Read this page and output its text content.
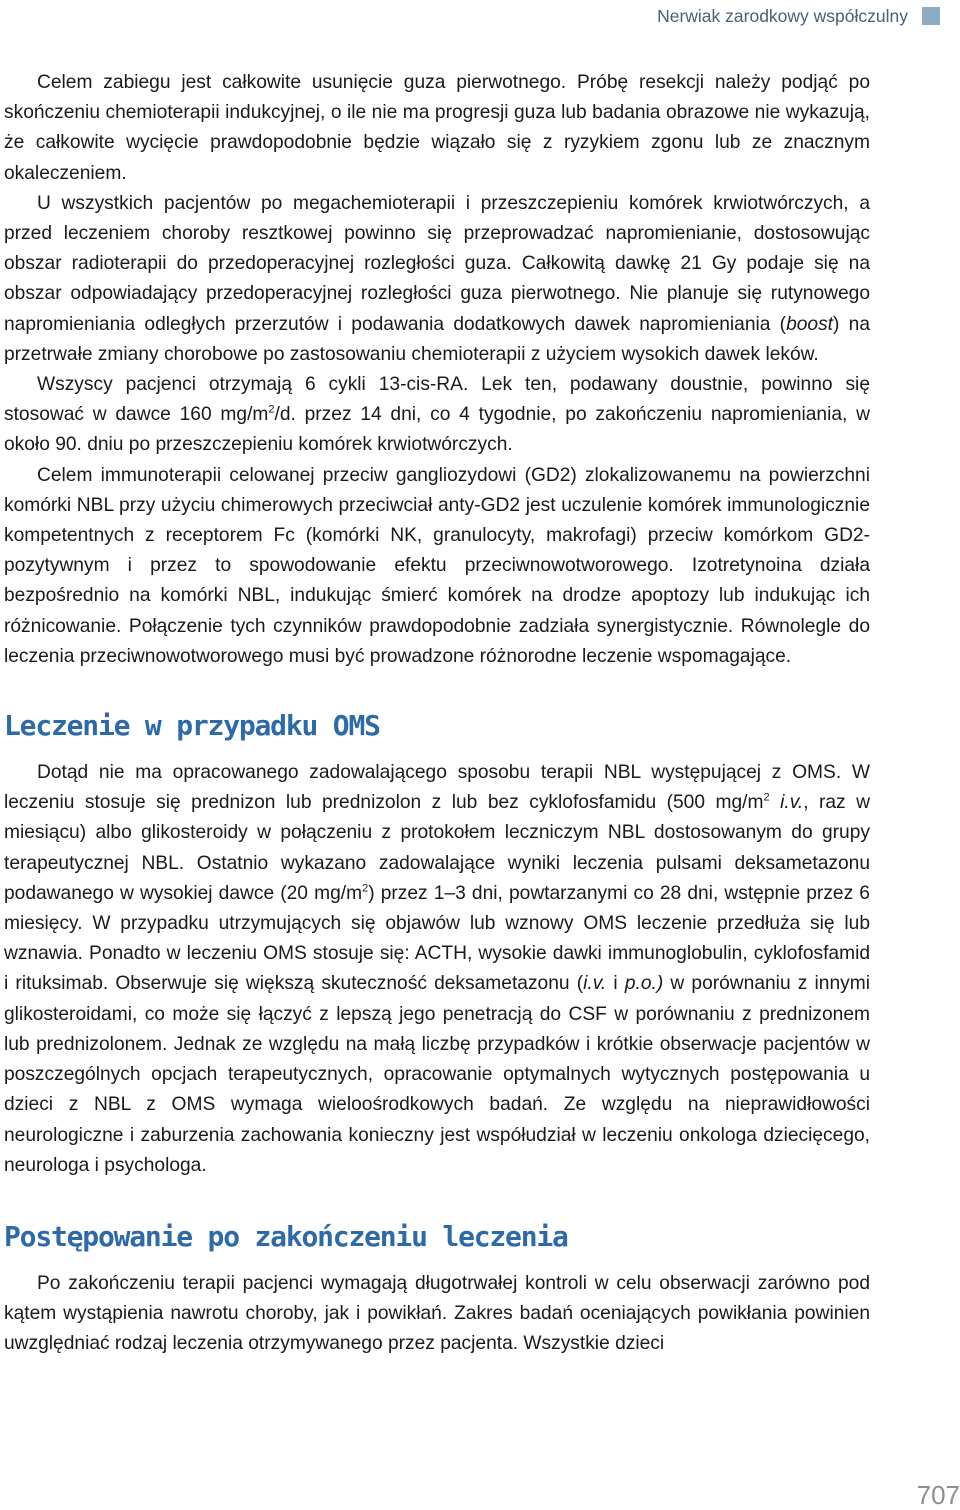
Nerwiak zarodkowy współczulny

Celem zabiegu jest całkowite usunięcie guza pierwotnego. Próbę resekcji należy podjąć po skończeniu chemioterapii indukcyjnej, o ile nie ma progresji guza lub badania obrazowe nie wykazują, że całkowite wycięcie prawdopodobnie będzie wiązało się z ryzykiem zgonu lub ze znacznym okaleczeniem.

U wszystkich pacjentów po megachemioterapii i przeszczepieniu komórek krwiotwórczych, a przed leczeniem choroby resztkowej powinno się przeprowadzać napromienianie, dostosowując obszar radioterapii do przedoperacyjnej rozległości guza. Całkowitą dawkę 21 Gy podaje się na obszar odpowiadający przedoperacyjnej rozległości guza pierwotnego. Nie planuje się rutynowego napromieniania odległych przerzutów i podawania dodatkowych dawek napromieniania (boost) na przetrwałe zmiany chorobowe po zastosowaniu chemioterapii z użyciem wysokich dawek leków.

Wszyscy pacjenci otrzymają 6 cykli 13-cis-RA. Lek ten, podawany doustnie, powinno się stosować w dawce 160 $mg/m^2/d$. przez 14 dni, co 4 tygodnie, po zakończeniu napromieniania, w około 90. dniu po przeszczepieniu komórek krwiotwórczych.

Celem immunoterapii celowanej przeciw gangliozydowi (GD2) zlokalizowanemu na powierzchni komórki NBL przy użyciu chimerowych przeciwciał anty-GD2 jest uczulenie komórek immunologicznie kompetentnych z receptorem Fc (komórki NK, granulocyty, makrofagi) przeciw komórkom GD2-pozytywnym i przez to spowodowanie efektu przeciwnowotworowego. Izotretynoina działa bezpośrednio na komórki NBL, indukując śmierć komórek na drodze apoptozy lub indukując ich różnicowanie. Połączenie tych czynników prawdopodobnie zadziała synergistycznie. Równolegle do leczenia przeciwnowotworowego musi być prowadzone różnorodne leczenie wspomagające.

Leczenie w przypadku OMS

Dotąd nie ma opracowanego zadowalającego sposobu terapii NBL występującej z OMS. W leczeniu stosuje się prednizon lub prednizolon z lub bez cyklofosfamidu (500 $mg/m^2$ i.v., raz w miesiącu) albo glikosteroidy w połączeniu z protokołem leczniczym NBL dostosowanym do grupy terapeutycznej NBL. Ostatnio wykazano zadowalające wyniki leczenia pulsami deksametazonu podawanego w wysokiej dawce (20 $mg/m^2$) przez 1–3 dni, powtarzanymi co 28 dni, wstępnie przez 6 miesięcy. W przypadku utrzymujących się objawów lub wznowy OMS leczenie przedłuża się lub wznawia. Ponadto w leczeniu OMS stosuje się: ACTH, wysokie dawki immunoglobulin, cyklofosfamid i rituksimab. Obserwuje się większą skuteczność deksametazonu (i.v. i p.o.) w porównaniu z innymi glikosteroidami, co może się łączyć z lepszą jego penetracją do CSF w porównaniu z prednizonem lub prednizolonem. Jednak ze względu na małą liczbę przypadków i krótkie obserwacje pacjentów w poszczególnych opcjach terapeutycznych, opracowanie optymalnych wytycznych postępowania u dzieci z NBL z OMS wymaga wieloośrodkowych badań. Ze względu na nieprawidłowości neurologiczne i zaburzenia zachowania konieczny jest współudział w leczeniu onkologa dziecięcego, neurologa i psychologa.

Postępowanie po zakończeniu leczenia

Po zakończeniu terapii pacjenci wymagają długotrwałej kontroli w celu obserwacji zarówno pod kątem wystąpienia nawrotu choroby, jak i powikłań. Zakres badań oceniających powikłania powinien uwzględniać rodzaj leczenia otrzymywanego przez pacjenta. Wszystkie dzieci

707
